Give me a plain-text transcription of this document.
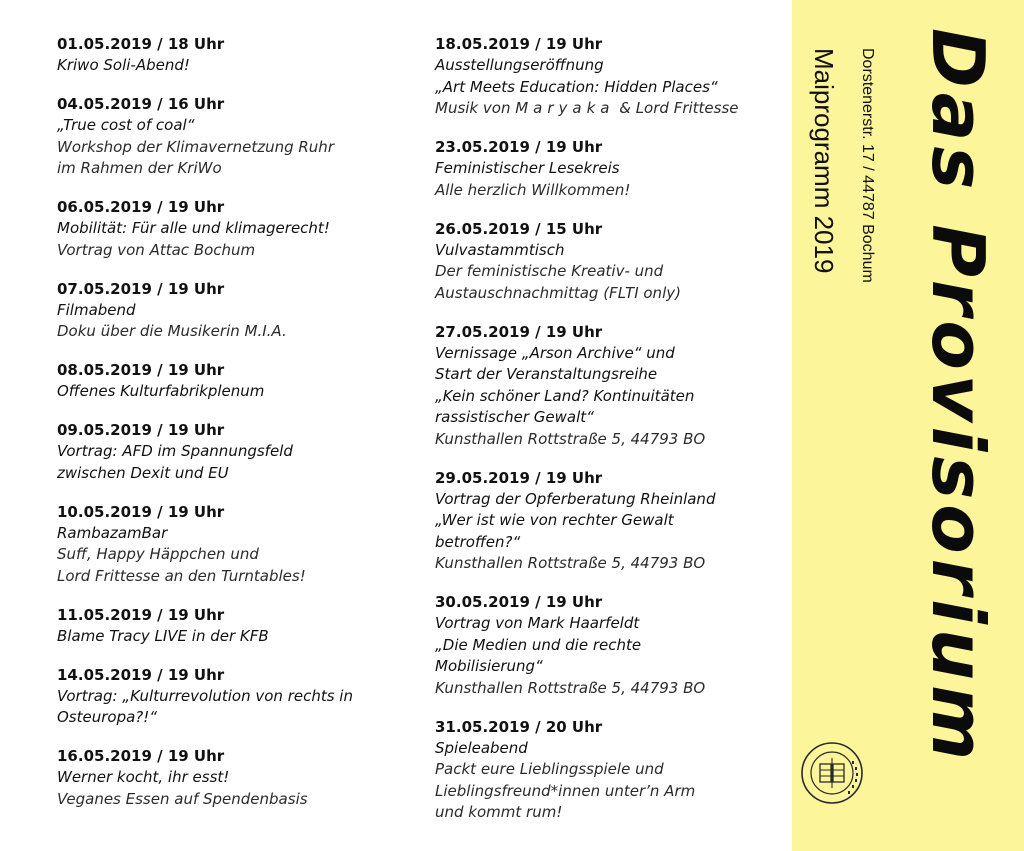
01.05.2019 / 18 Uhr
Kriwo Soli-Abend!
04.05.2019 / 16 Uhr
„True cost of coal“
Workshop der Klimavernetzung Ruhr
im Rahmen der KriWo
06.05.2019 / 19 Uhr
Mobilität: Für alle und klimagerecht!
Vortrag von Attac Bochum
07.05.2019 / 19 Uhr
Filmabend
Doku über die Musikerin M.I.A.
08.05.2019 / 19 Uhr
Offenes Kulturfabrikplenum
09.05.2019 / 19 Uhr
Vortrag: AFD im Spannungsfeld
zwischen Dexit und EU
10.05.2019 / 19 Uhr
RambazamBar
Suff, Happy Häppchen und
Lord Frittesse an den Turntables!
11.05.2019 / 19 Uhr
Blame Tracy LIVE in der KFB
14.05.2019 / 19 Uhr
Vortrag: „Kulturrevolution von rechts in
Osteuropa?!“
16.05.2019 / 19 Uhr
Werner kocht, ihr esst!
Veganes Essen auf Spendenbasis
18.05.2019 / 19 Uhr
Ausstellungseröffnung
„Art Meets Education: Hidden Places“
Musik von Maryaka & Lord Frittesse
23.05.2019 / 19 Uhr
Feministischer Lesekreis
Alle herzlich Willkommen!
26.05.2019 / 15 Uhr
Vulvastammtisch
Der feministische Kreativ- und
Austauschnachmittag (FLTI only)
27.05.2019 / 19 Uhr
Vernissage „Arson Archive“ und
Start der Veranstaltungsreihe
„Kein schöner Land? Kontinuitäten
rassistischer Gewalt“
Kunsthallen Rottstraße 5, 44793 BO
29.05.2019 / 19 Uhr
Vortrag der Opferberatung Rheinland
„Wer ist wie von rechter Gewalt
betroffen?“
Kunsthallen Rottstraße 5, 44793 BO
30.05.2019 / 19 Uhr
Vortrag von Mark Haarfeldt
„Die Medien und die rechte
Mobilisierung“
Kunsthallen Rottstraße 5, 44793 BO
31.05.2019 / 20 Uhr
Spieleabend
Packt eure Lieblingsspiele und
Lieblingsfreund*innen unter’n Arm
und kommt rum!
Das Provisorium
Maiprogramm 2019 Dorstenerstr. 17 / 44787 Bochum
